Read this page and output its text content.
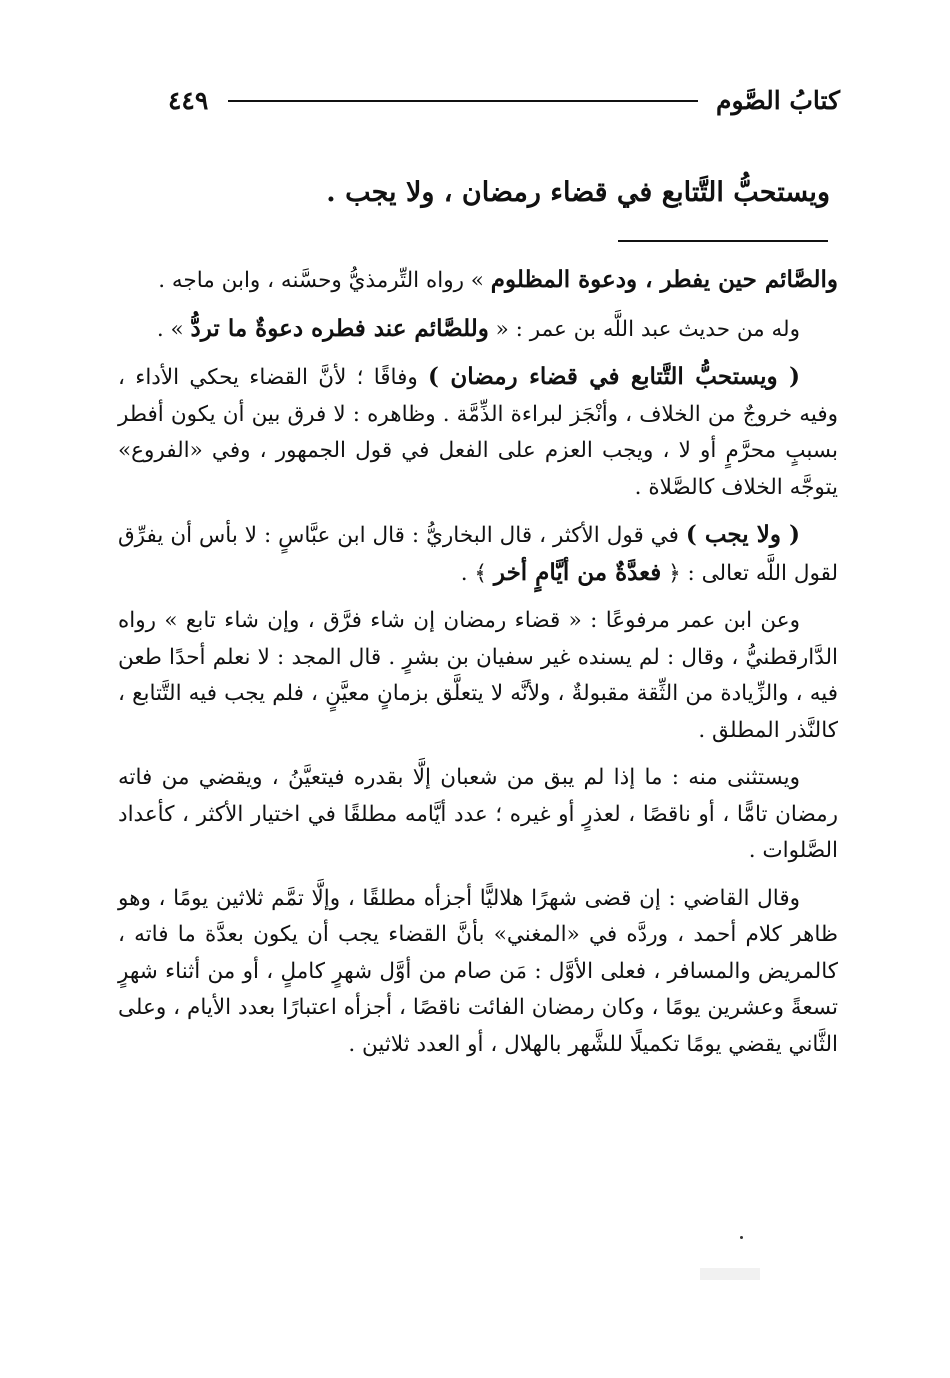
كتابُ الصَّوم
٤٤٩
ويستحبُّ التَّتابع في قضاء رمضان ، ولا يجب .

والصَّائم حين يفطر ، ودعوة المظلوم » رواه التِّرمذيُّ وحسَّنه ، وابن ماجه .

وله من حديث عبد اللَّه بن عمر : « وللصَّائم عند فطره دعوةٌ ما تردُّ » .

( ويستحبُّ التَّتابع في قضاء رمضان ) وفاقًا ؛ لأنَّ القضاء يحكي الأداء ، وفيه خروجٌ من الخلاف ، وأنْجَز لبراءة الذِّمَّة . وظاهره : لا فرق بين أن يكون أفطر بسببٍ محرَّمٍ أو لا ، ويجب العزم على الفعل في قول الجمهور ، وفي «الفروع» يتوجَّه الخلاف كالصَّلاة .

( ولا يجب ) في قول الأكثر ، قال البخاريُّ : قال ابن عبَّاسٍ : لا بأس أن يفرِّق لقول اللَّه تعالى : ﴿ فعدَّةٌ من أيَّامٍ أخر ﴾ .

وعن ابن عمر مرفوعًا : « قضاء رمضان إن شاء فرَّق ، وإن شاء تابع » رواه الدَّارقطنيُّ ، وقال : لم يسنده غير سفيان بن بشرٍ . قال المجد : لا نعلم أحدًا طعن فيه ، والزِّيادة من الثِّقة مقبولةٌ ، ولأنَّه لا يتعلَّق بزمانٍ معيَّنٍ ، فلم يجب فيه التَّتابع ، كالنَّذر المطلق .

ويستثنى منه : ما إذا لم يبق من شعبان إلَّا بقدره فيتعيَّنُ ، ويقضي من فاته رمضان تامًّا ، أو ناقصًا ، لعذرٍ أو غيره ؛ عدد أيَّامه مطلقًا في اختيار الأكثر ، كأعداد الصَّلوات .

وقال القاضي : إن قضى شهرًا هلاليًّا أجزأه مطلقًا ، وإلَّا تمَّم ثلاثين يومًا ، وهو ظاهر كلام أحمد ، وردَّه في «المغني» بأنَّ القضاء يجب أن يكون بعدَّة ما فاته ، كالمريض والمسافر ، فعلى الأوَّل : مَن صام من أوَّل شهرٍ كاملٍ ، أو من أثناء شهرٍ تسعةً وعشرين يومًا ، وكان رمضان الفائت ناقصًا ، أجزأه اعتبارًا بعدد الأيام ، وعلى الثَّاني يقضي يومًا تكميلًا للشَّهر بالهلال ، أو العدد ثلاثين .
